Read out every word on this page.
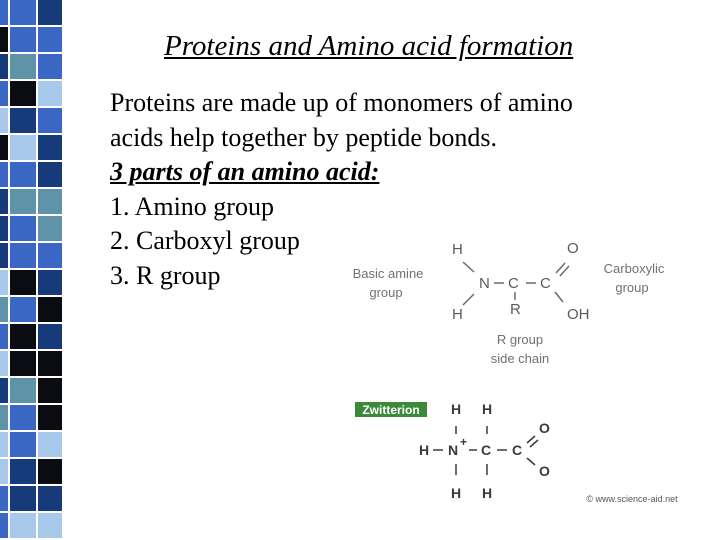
Proteins and Amino acid formation
Proteins are made up of monomers of amino
acids help together by peptide bonds.
3 parts of an amino acid:
1. Amino group
2. Carboxyl group
3. R group
H
H
N C
R
C
O
OH
Basic amine
group
Carboxylic
group
R group
side chain
Zwitterion H H
H N + C C
O
O
H H	© www.science-aid.net
